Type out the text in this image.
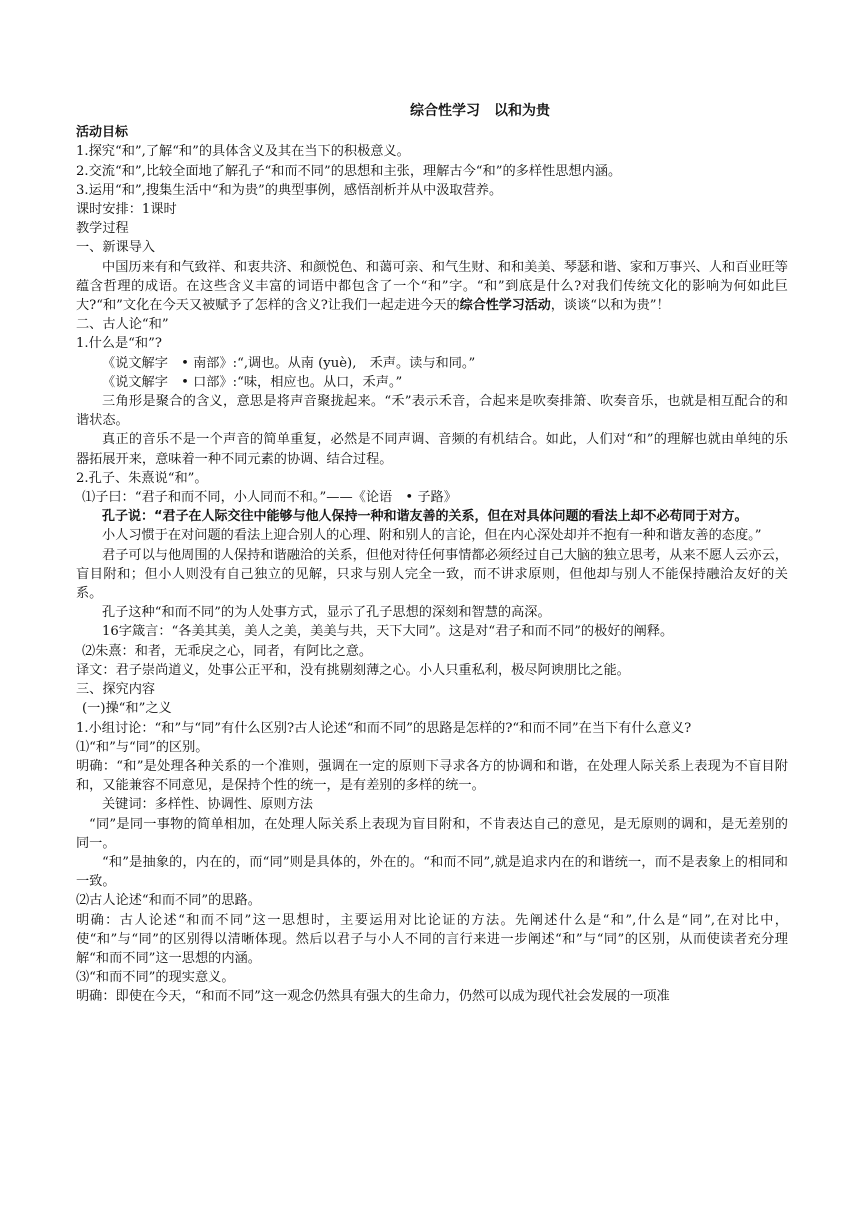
综合性学习　以和为贵

活动目标

1.探究“和”,了解“和”的具体含义及其在当下的积极意义。

2.交流“和”,比较全面地了解孔子“和而不同”的思想和主张，理解古今“和”的多样性思想内涵。

3.运用“和”,搜集生活中“和为贵”的典型事例，感悟剖析并从中汲取营养。

课时安排：1课时

教学过程

一、新课导入

中国历来有和气致祥、和衷共济、和颜悦色、和蔼可亲、和气生财、和和美美、琴瑟和谐、家和万事兴、人和百业旺等蕴含哲理的成语。在这些含义丰富的词语中都包含了一个“和”字。“和”到底是什么?对我们传统文化的影响为何如此巨大?“和”文化在今天又被赋予了怎样的含义?让我们一起走进今天的综合性学习活动，谈谈“以和为贵”！

二、古人论“和”

1.什么是“和”?

《说文解字　• 南部》:“,调也。从南 (yuè),　禾声。读与和同。”

《说文解字　• 口部》:“味，相应也。从口，禾声。”

三角形是聚合的含义，意思是将声音聚拢起来。“禾”表示禾音，合起来是吹奏排箫、吹奏音乐，也就是相互配合的和谐状态。

真正的音乐不是一个声音的简单重复，必然是不同声调、音频的有机结合。如此，人们对“和”的理解也就由单纯的乐器拓展开来，意味着一种不同元素的协调、结合过程。

2.孔子、朱熹说“和”。

⑴子曰：“君子和而不同，小人同而不和。”——《论语　• 子路》

孔子说：“君子在人际交往中能够与他人保持一种和谐友善的关系，但在对具体问题的看法上却不必苟同于对方。

小人习惯于在对问题的看法上迎合别人的心理、附和别人的言论，但在内心深处却并不抱有一种和谐友善的态度。”

君子可以与他周围的人保持和谐融洽的关系，但他对待任何事情都必须经过自己大脑的独立思考，从来不愿人云亦云，盲目附和；但小人则没有自己独立的见解，只求与别人完全一致，而不讲求原则，但他却与别人不能保持融洽友好的关系。

孔子这种“和而不同”的为人处事方式，显示了孔子思想的深刻和智慧的高深。

16字箴言：“各美其美，美人之美，美美与共，天下大同”。这是对“君子和而不同”的极好的阐释。

⑵朱熹：和者，无乖戾之心，同者，有阿比之意。

译文：君子崇尚道义，处事公正平和，没有挑剔刻薄之心。小人只重私利，极尽阿谀朋比之能。

三、探究内容

(一)操“和”之义

1.小组讨论：“和”与“同”有什么区别?古人论述“和而不同”的思路是怎样的?“和而不同”在当下有什么意义?

⑴“和”与“同”的区别。

明确：“和”是处理各种关系的一个准则，强调在一定的原则下寻求各方的协调和和谐，在处理人际关系上表现为不盲目附和，又能兼容不同意见，是保持个性的统一，是有差别的多样的统一。

关键词：多样性、协调性、原则方法

“同”是同一事物的简单相加，在处理人际关系上表现为盲目附和，不肯表达自己的意见，是无原则的调和，是无差别的同一。

“和”是抽象的，内在的，而“同”则是具体的，外在的。“和而不同”,就是追求内在的和谐统一，而不是表象上的相同和一致。

⑵古人论述“和而不同”的思路。

明确：古人论述“和而不同”这一思想时，主要运用对比论证的方法。先阐述什么是“和”,什么是“同”,在对比中，使“和”与“同”的区别得以清晰体现。然后以君子与小人不同的言行来进一步阐述“和”与“同”的区别，从而使读者充分理解“和而不同”这一思想的内涵。

⑶“和而不同”的现实意义。

明确：即使在今天，“和而不同”这一观念仍然具有强大的生命力，仍然可以成为现代社会发展的一项准
